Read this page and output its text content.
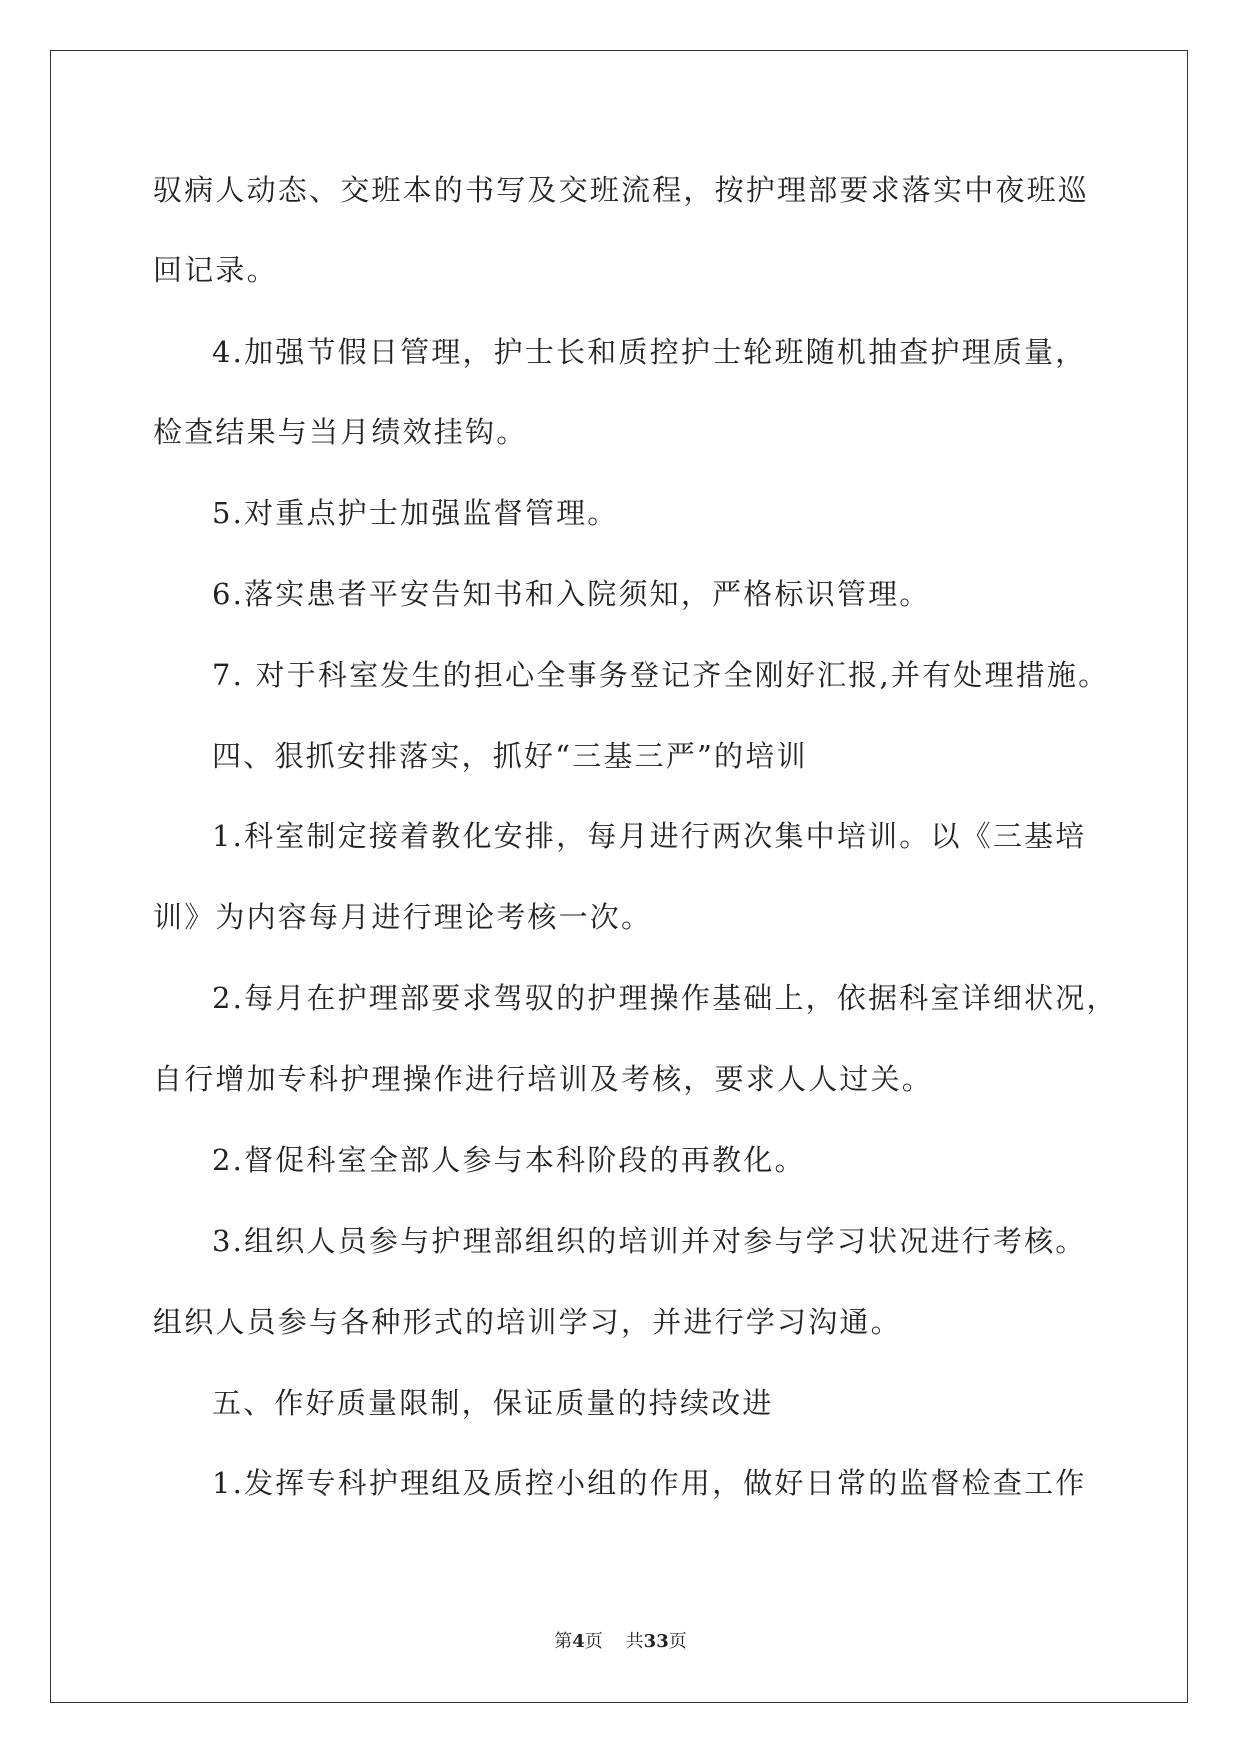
驭病人动态、交班本的书写及交班流程，按护理部要求落实中夜班巡
回记录。
4.加强节假日管理，护士长和质控护士轮班随机抽查护理质量，
检查结果与当月绩效挂钩。
5.对重点护士加强监督管理。
6.落实患者平安告知书和入院须知，严格标识管理。
7. 对于科室发生的担心全事务登记齐全刚好汇报,并有处理措施。
四、狠抓安排落实，抓好“三基三严”的培训
1.科室制定接着教化安排，每月进行两次集中培训。以《三基培
训》为内容每月进行理论考核一次。
2.每月在护理部要求驾驭的护理操作基础上，依据科室详细状况，
自行增加专科护理操作进行培训及考核，要求人人过关。
2.督促科室全部人参与本科阶段的再教化。
3.组织人员参与护理部组织的培训并对参与学习状况进行考核。
组织人员参与各种形式的培训学习，并进行学习沟通。
五、作好质量限制，保证质量的持续改进
1.发挥专科护理组及质控小组的作用，做好日常的监督检查工作
第4页 共33页
